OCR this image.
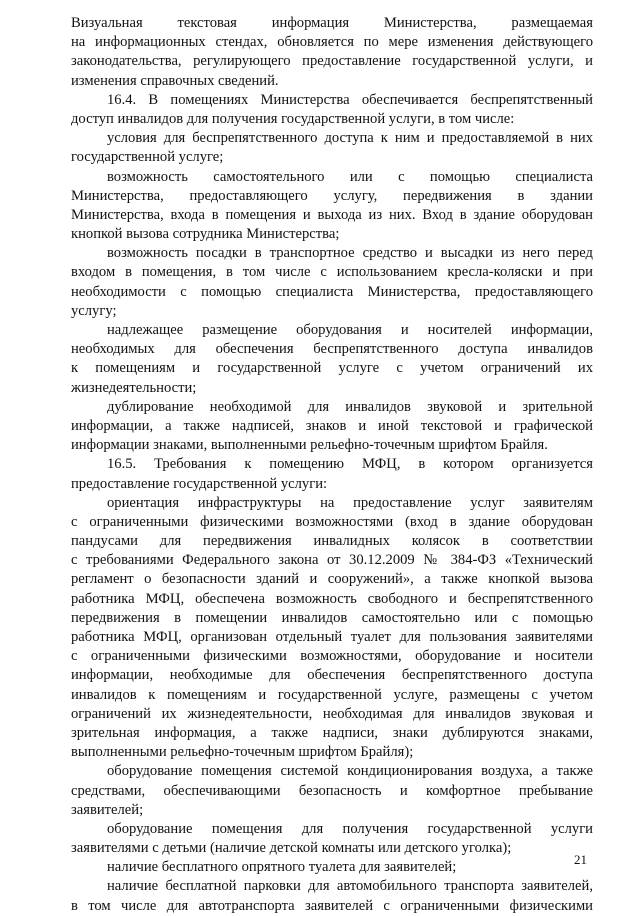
Визуальная текстовая информация Министерства, размещаемая
на информационных стендах, обновляется по мере изменения действующего
законодательства, регулирующего предоставление государственной услуги, и
изменения справочных сведений.
16.4. В помещениях Министерства обеспечивается беспрепятственный
доступ инвалидов для получения государственной услуги, в том числе:
условия для беспрепятственного доступа к ним и предоставляемой в них
государственной услуге;
возможность самостоятельного или с помощью специалиста
Министерства, предоставляющего услугу, передвижения в здании
Министерства, входа в помещения и выхода из них. Вход в здание оборудован
кнопкой вызова сотрудника Министерства;
возможность посадки в транспортное средство и высадки из него перед
входом в помещения, в том числе с использованием кресла-коляски и при
необходимости с помощью специалиста Министерства, предоставляющего
услугу;
надлежащее размещение оборудования и носителей информации,
необходимых для обеспечения беспрепятственного доступа инвалидов
к помещениям и государственной услуге с учетом ограничений их
жизнедеятельности;
дублирование необходимой для инвалидов звуковой и зрительной
информации, а также надписей, знаков и иной текстовой и графической
информации знаками, выполненными рельефно-точечным шрифтом Брайля.
16.5. Требования к помещению МФЦ, в котором организуется
предоставление государственной услуги:
ориентация инфраструктуры на предоставление услуг заявителям
с ограниченными физическими возможностями (вход в здание оборудован
пандусами для передвижения инвалидных колясок в соответствии
с требованиями Федерального закона от 30.12.2009 № 384-ФЗ «Технический
регламент о безопасности зданий и сооружений», а также кнопкой вызова
работника МФЦ, обеспечена возможность свободного и беспрепятственного
передвижения в помещении инвалидов самостоятельно или с помощью
работника МФЦ, организован отдельный туалет для пользования заявителями
с ограниченными физическими возможностями, оборудование и носители
информации, необходимые для обеспечения беспрепятственного доступа
инвалидов к помещениям и государственной услуге, размещены с учетом
ограничений их жизнедеятельности, необходимая для инвалидов звуковая и
зрительная информация, а также надписи, знаки дублируются знаками,
выполненными рельефно-точечным шрифтом Брайля);
оборудование помещения системой кондиционирования воздуха, а также
средствами, обеспечивающими безопасность и комфортное пребывание
заявителей;
оборудование помещения для получения государственной услуги
заявителями с детьми (наличие детской комнаты или детского уголка);
наличие бесплатного опрятного туалета для заявителей;
наличие бесплатной парковки для автомобильного транспорта заявителей,
в том числе для автотранспорта заявителей с ограниченными физическими
21
